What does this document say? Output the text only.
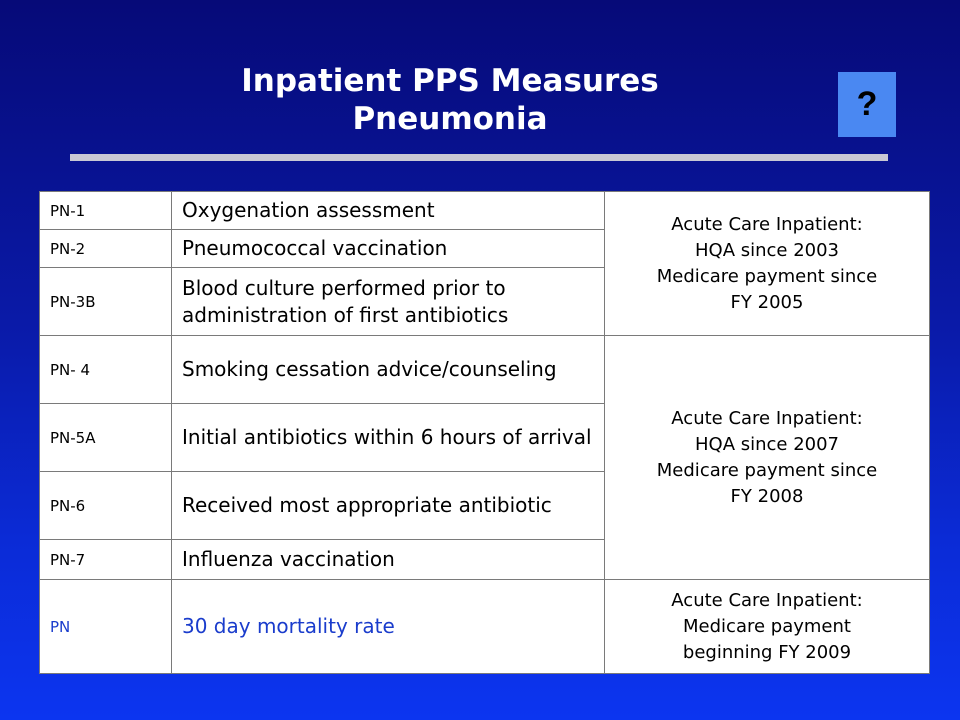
Inpatient PPS Measures
Pneumonia	?
PN-1	Oxygenation assessment	Acute Care Inpatient:
HQA since 2003
Medicare payment since
FY 2005

PN-2	Pneumococcal vaccination	
PN-3B	Blood culture performed prior to administration of first antibiotics	
PN- 4	Smoking cessation advice/counseling	Acute Care Inpatient:
HQA since 2007
Medicare payment since
FY 2008

PN-5A	Initial antibiotics within 6 hours of arrival	
PN-6	Received most appropriate antibiotic	
PN-7	Influenza vaccination	
PN	30 day mortality rate	Acute Care Inpatient:
Medicare payment
beginning FY 2009
